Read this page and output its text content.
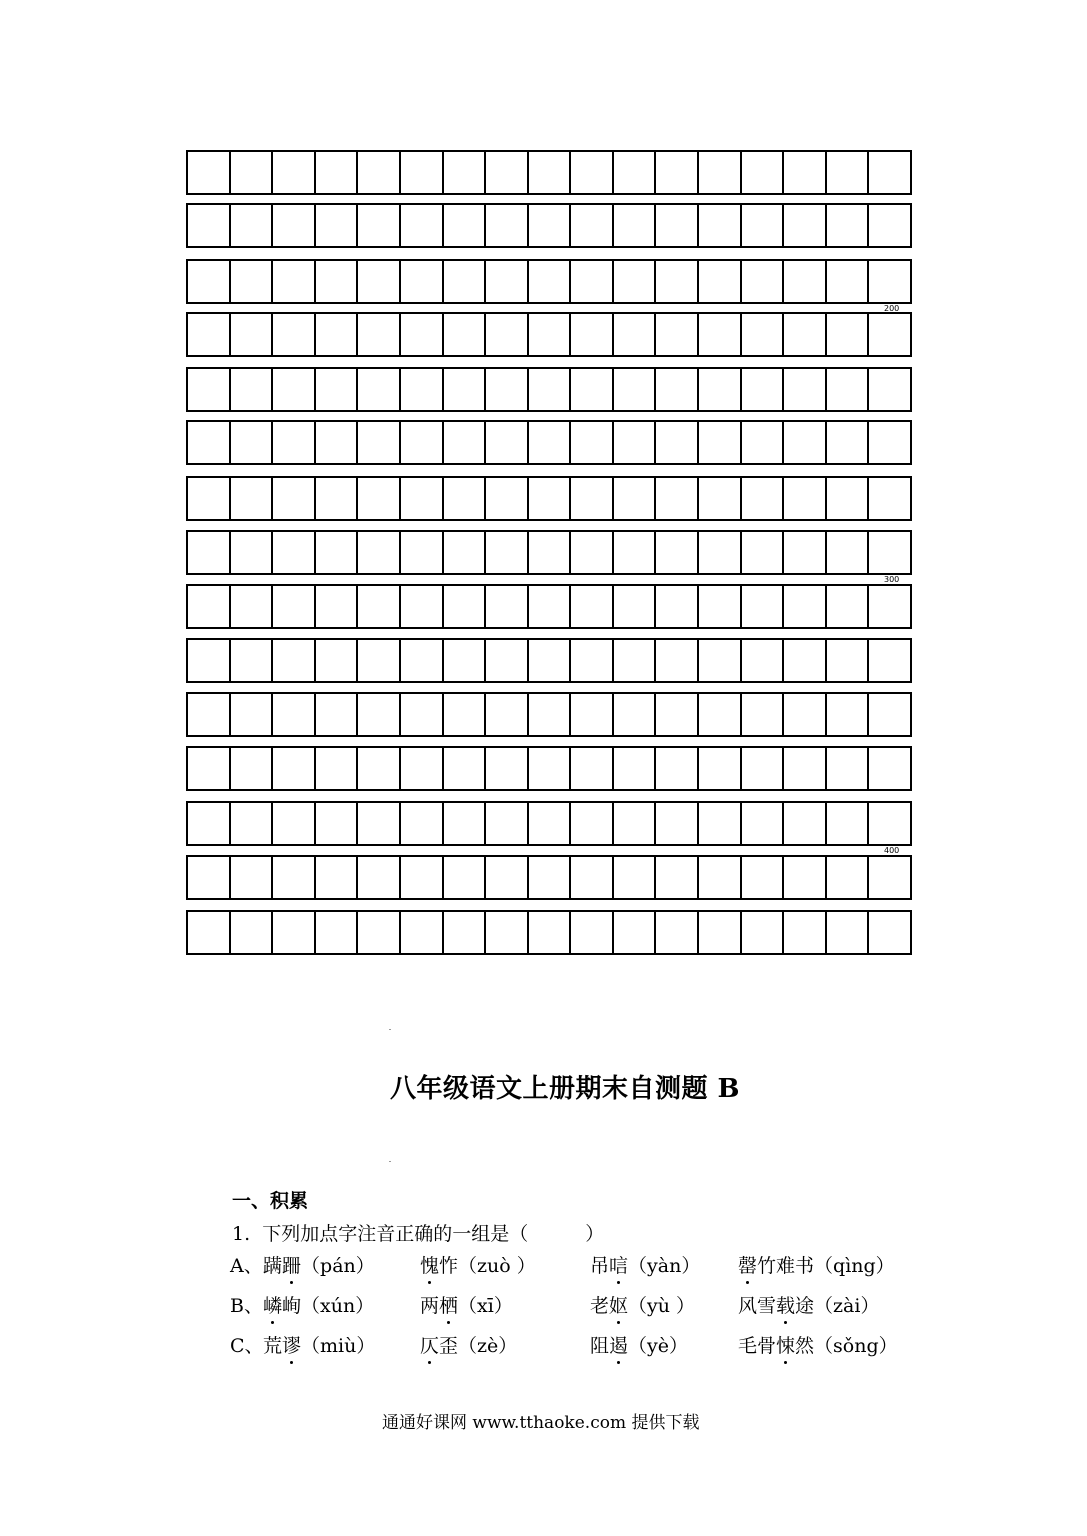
200
300
400
八年级语文上册期末自测题 B
一、积累
1. 下列加点字注音正确的一组是（　　　）
A、 蹒跚（pán） 愧怍（zuò ）	吊唁（yàn） 罄竹难书（qìng）
B、 嶙峋（xún） 两栖（xī）	老妪（yù ） 风雪载途（zài）
C、 荒谬（miù） 仄歪（zè）	阻遏（yè）	毛骨悚然（sǒng）
通通好课网 www.tthaoke.com 提供下载
